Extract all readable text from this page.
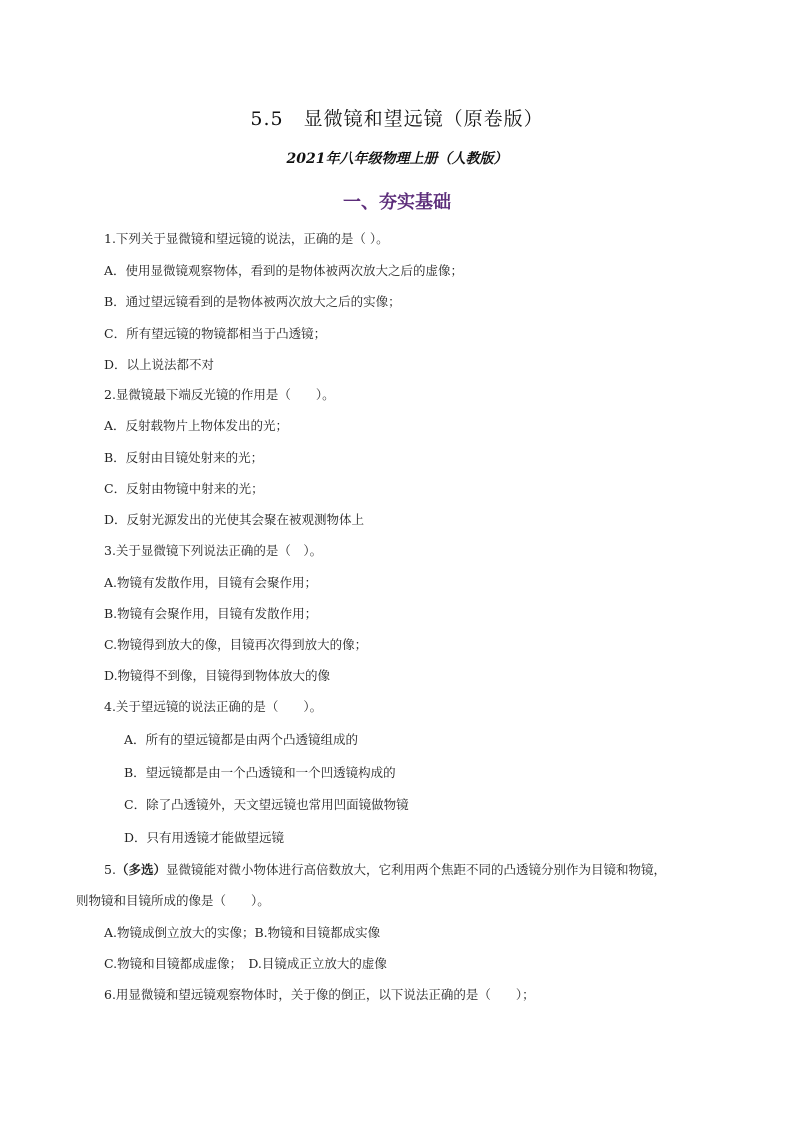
5.5　显微镜和望远镜（原卷版）
2021年八年级物理上册（人教版）
一、夯实基础
1.下列关于显微镜和望远镜的说法，正确的是（ ）。
A．使用显微镜观察物体，看到的是物体被两次放大之后的虚像；
B．通过望远镜看到的是物体被两次放大之后的实像；
C．所有望远镜的物镜都相当于凸透镜；
D．以上说法都不对
2.显微镜最下端反光镜的作用是（　　）。
A．反射载物片上物体发出的光；
B．反射由目镜处射来的光；
C．反射由物镜中射来的光；
D．反射光源发出的光使其会聚在被观测物体上
3.关于显微镜下列说法正确的是（　）。
A.物镜有发散作用，目镜有会聚作用；
B.物镜有会聚作用，目镜有发散作用；
C.物镜得到放大的像，目镜再次得到放大的像；
D.物镜得不到像，目镜得到物体放大的像
4.关于望远镜的说法正确的是（　　）。
A．所有的望远镜都是由两个凸透镜组成的
B．望远镜都是由一个凸透镜和一个凹透镜构成的
C．除了凸透镜外，天文望远镜也常用凹面镜做物镜
D．只有用透镜才能做望远镜
5.（多选）显微镜能对微小物体进行高倍数放大，它利用两个焦距不同的凸透镜分别作为目镜和物镜，
则物镜和目镜所成的像是（　　）。
A.物镜成倒立放大的实像；B.物镜和目镜都成实像
C.物镜和目镜都成虚像；　D.目镜成正立放大的虚像
6.用显微镜和望远镜观察物体时，关于像的倒正，以下说法正确的是（　　）；
